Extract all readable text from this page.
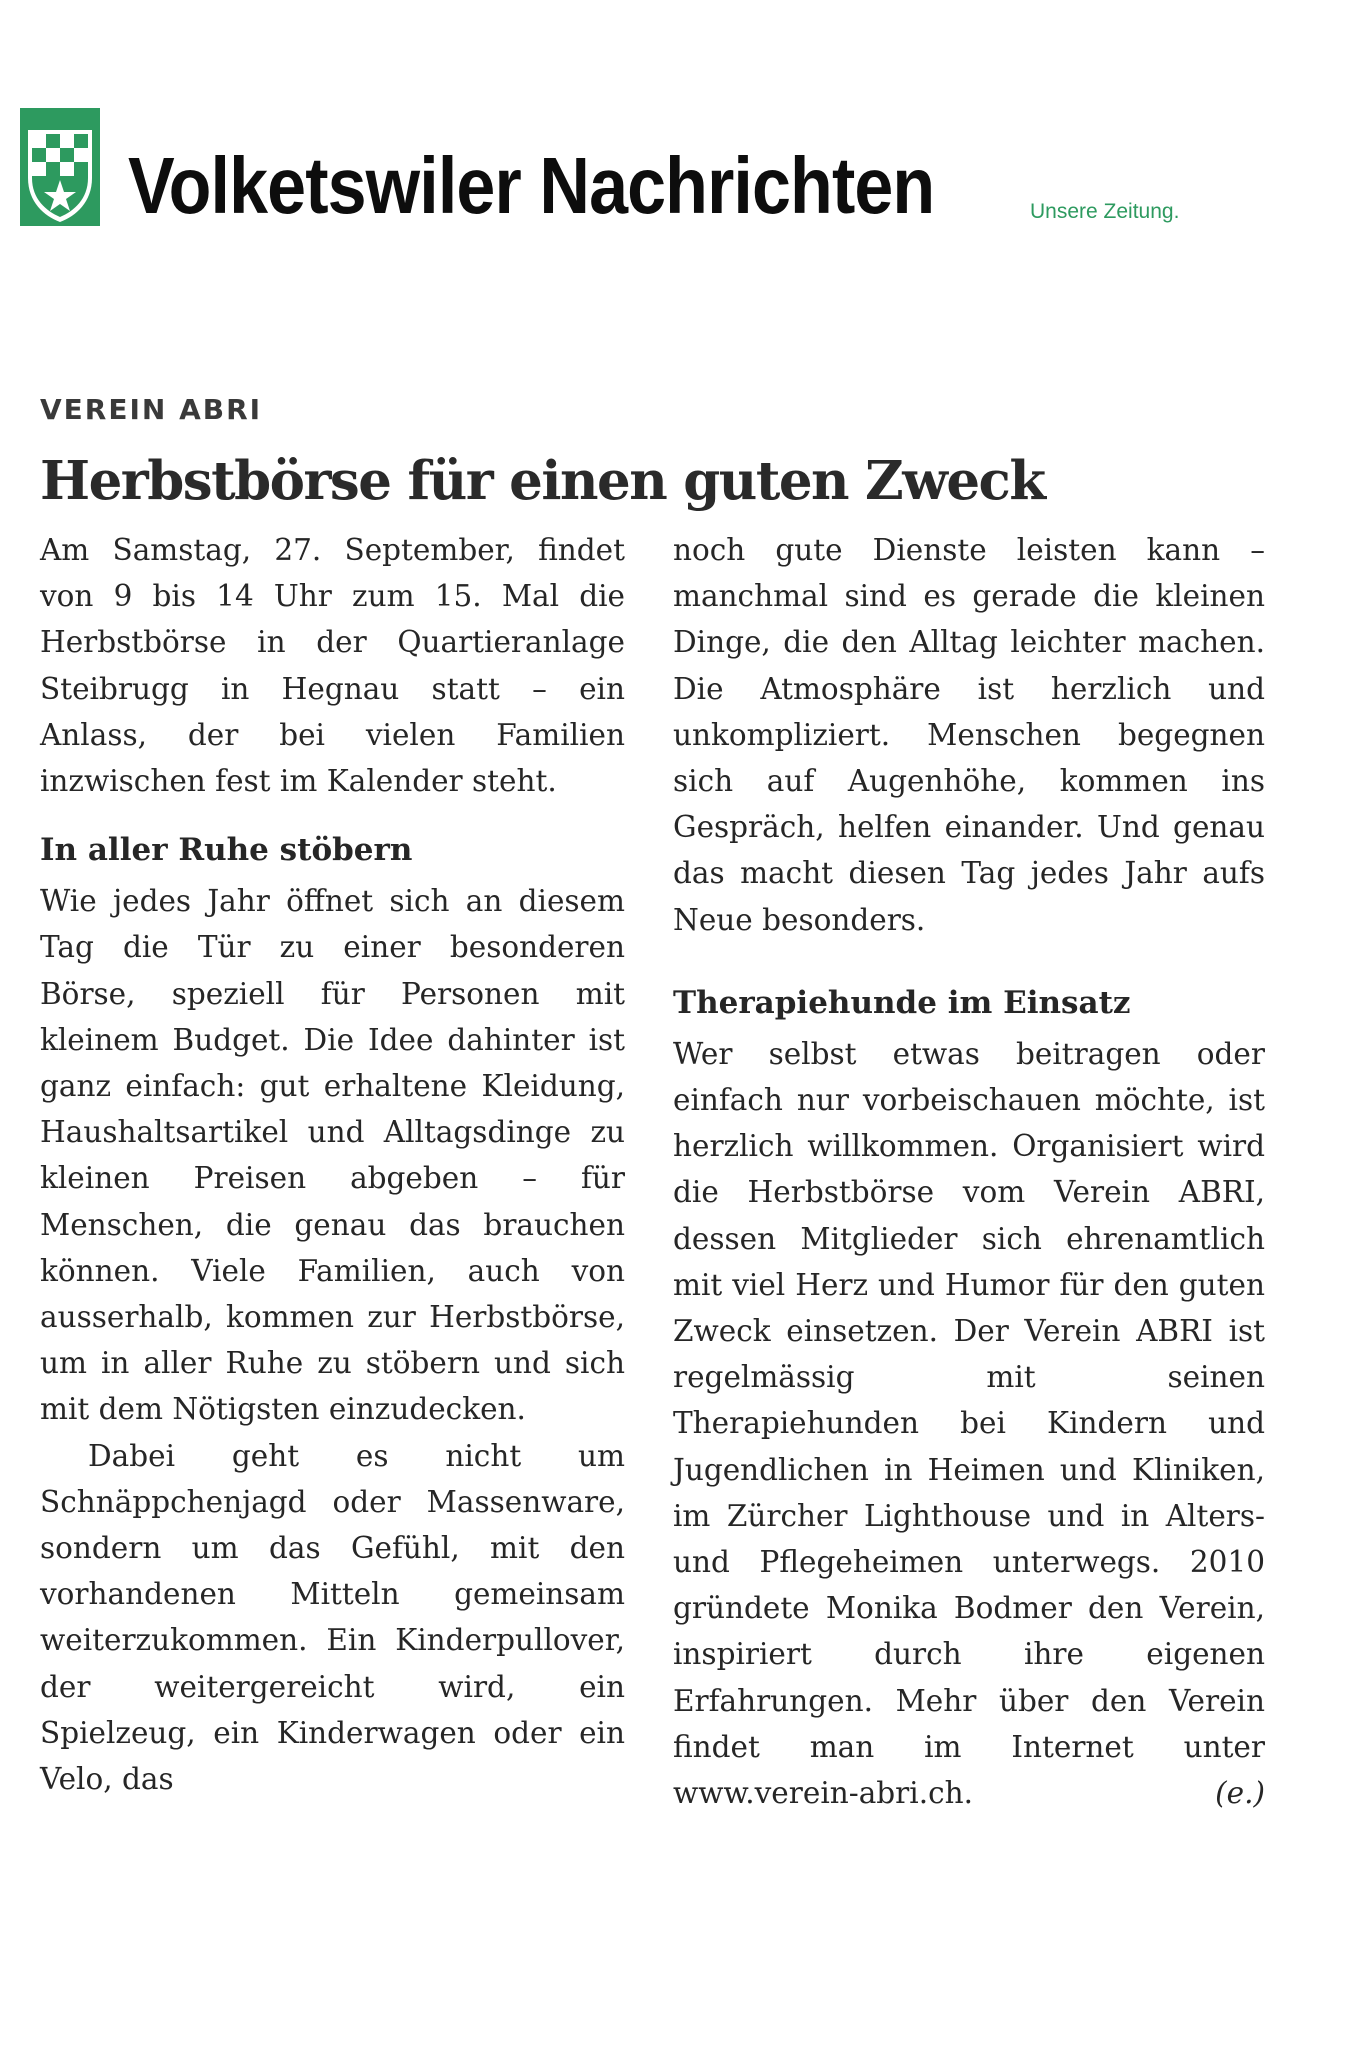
Volketswiler Nachrichten	Unsere Zeitung.
VEREIN ABRI
Herbstbörse für einen guten Zweck

Am Samstag, 27. September, findet von 9 bis 14 Uhr zum 15. Mal die Herbstbörse in der Quartieranlage Steibrugg in Hegnau statt – ein Anlass, der bei vielen Familien inzwischen fest im Kalender steht.

In aller Ruhe stöbern

Wie jedes Jahr öffnet sich an diesem Tag die Tür zu einer besonderen Börse, speziell für Personen mit kleinem Budget. Die Idee dahinter ist ganz einfach: gut erhaltene Kleidung, Haushaltsartikel und Alltagsdinge zu kleinen Preisen abgeben – für Menschen, die genau das brauchen können. Viele Familien, auch von ausserhalb, kommen zur Herbstbörse, um in aller Ruhe zu stöbern und sich mit dem Nötigsten einzudecken.

Dabei geht es nicht um Schnäppchenjagd oder Massenware, sondern um das Gefühl, mit den vorhandenen Mitteln gemeinsam weiterzukommen. Ein Kinderpullover, der weitergereicht wird, ein Spielzeug, ein Kinderwagen oder ein Velo, das

noch gute Dienste leisten kann – manchmal sind es gerade die kleinen Dinge, die den Alltag leichter machen. Die Atmosphäre ist herzlich und unkompliziert. Menschen begegnen sich auf Augenhöhe, kommen ins Gespräch, helfen einander. Und genau das macht diesen Tag jedes Jahr aufs Neue besonders.

Therapiehunde im Einsatz

Wer selbst etwas beitragen oder einfach nur vorbeischauen möchte, ist herzlich willkommen. Organisiert wird die Herbstbörse vom Verein ABRI, dessen Mitglieder sich ehrenamtlich mit viel Herz und Humor für den guten Zweck einsetzen. Der Verein ABRI ist regelmässig mit seinen Therapiehunden bei Kindern und Jugendlichen in Heimen und Kliniken, im Zürcher Lighthouse und in Alters- und Pflegeheimen unterwegs. 2010 gründete Monika Bodmer den Verein, inspiriert durch ihre eigenen Erfahrungen. Mehr über den Verein findet man im Internet unter www.verein-abri.ch.	(e.)
